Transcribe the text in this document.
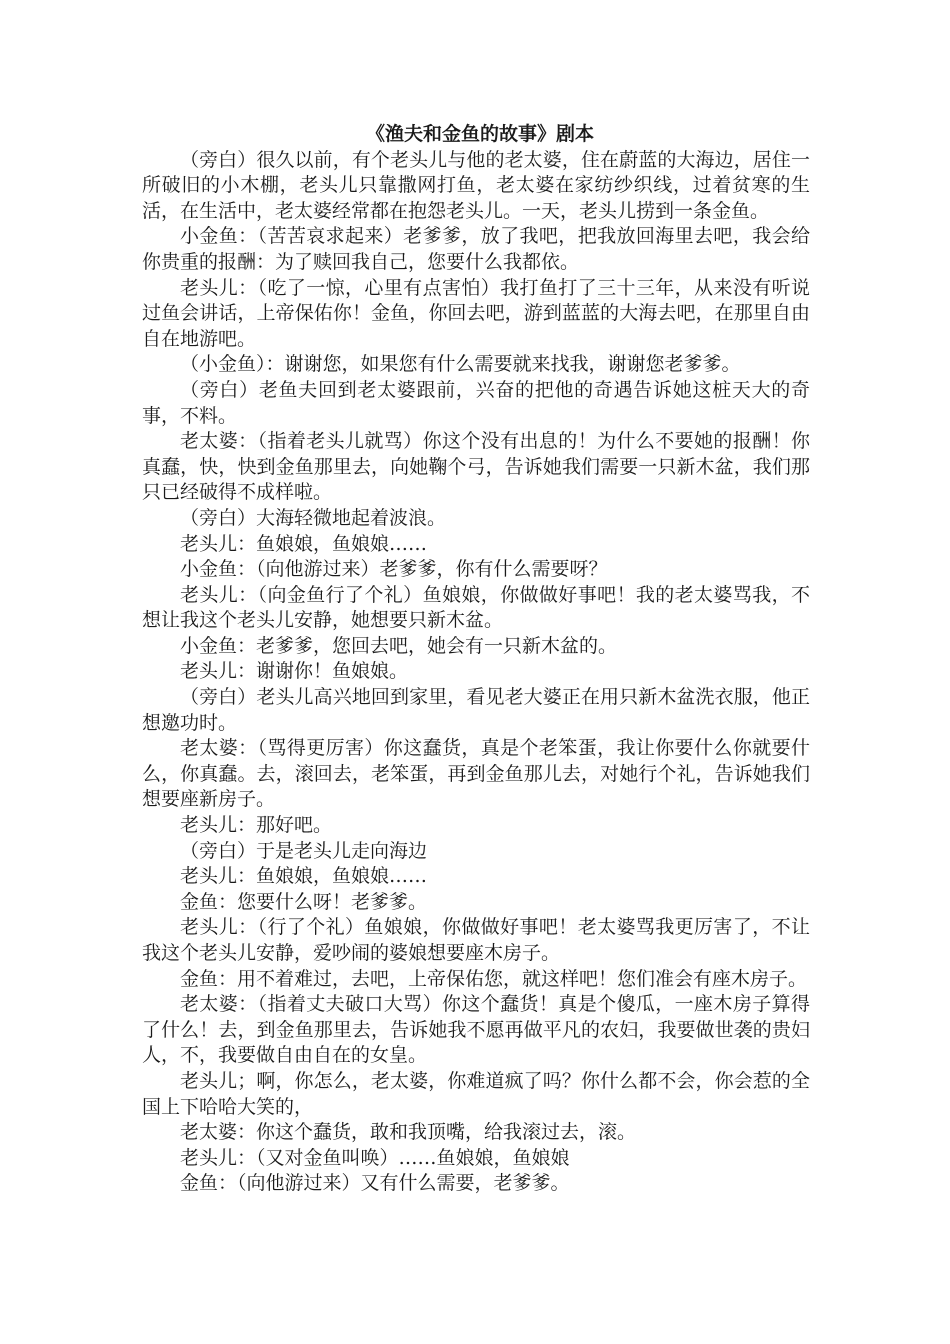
《渔夫和金鱼的故事》剧本

（旁白）很久以前，有个老头儿与他的老太婆，住在蔚蓝的大海边，居住一所破旧的小木棚，老头儿只靠撒网打鱼，老太婆在家纺纱织线，过着贫寒的生活，在生活中，老太婆经常都在抱怨老头儿。一天，老头儿捞到一条金鱼。

小金鱼：（苦苦哀求起来）老爹爹，放了我吧，把我放回海里去吧，我会给你贵重的报酬：为了赎回我自己，您要什么我都依。

老头儿：（吃了一惊，心里有点害怕）我打鱼打了三十三年，从来没有听说过鱼会讲话，上帝保佑你！金鱼，你回去吧，游到蓝蓝的大海去吧，在那里自由自在地游吧。

（小金鱼）：谢谢您，如果您有什么需要就来找我，谢谢您老爹爹。

（旁白）老鱼夫回到老太婆跟前，兴奋的把他的奇遇告诉她这桩天大的奇事，不料。

老太婆：（指着老头儿就骂）你这个没有出息的！为什么不要她的报酬！你真蠢，快，快到金鱼那里去，向她鞠个弓，告诉她我们需要一只新木盆，我们那只已经破得不成样啦。

（旁白）大海轻微地起着波浪。

老头儿：鱼娘娘，鱼娘娘……

小金鱼：（向他游过来）老爹爹，你有什么需要呀？

老头儿：（向金鱼行了个礼）鱼娘娘，你做做好事吧！我的老太婆骂我，不想让我这个老头儿安静，她想要只新木盆。

小金鱼：老爹爹，您回去吧，她会有一只新木盆的。

老头儿：谢谢你！鱼娘娘。

（旁白）老头儿高兴地回到家里，看见老大婆正在用只新木盆洗衣服，他正想邀功时。

老太婆：（骂得更厉害）你这蠢货，真是个老笨蛋，我让你要什么你就要什么，你真蠢。去，滚回去，老笨蛋，再到金鱼那儿去，对她行个礼，告诉她我们想要座新房子。

老头儿：那好吧。

（旁白）于是老头儿走向海边

老头儿：鱼娘娘，鱼娘娘……

金鱼：您要什么呀！老爹爹。

老头儿：（行了个礼）鱼娘娘，你做做好事吧！老太婆骂我更厉害了，不让我这个老头儿安静，爱吵闹的婆娘想要座木房子。

金鱼：用不着难过，去吧，上帝保佑您，就这样吧！您们准会有座木房子。

老太婆：（指着丈夫破口大骂）你这个蠢货！真是个傻瓜，一座木房子算得了什么！去，到金鱼那里去，告诉她我不愿再做平凡的农妇，我要做世袭的贵妇人，不，我要做自由自在的女皇。

老头儿；啊，你怎么，老太婆，你难道疯了吗？你什么都不会，你会惹的全国上下哈哈大笑的，

老太婆：你这个蠢货，敢和我顶嘴，给我滚过去，滚。

老头儿：（又对金鱼叫唤）……鱼娘娘，鱼娘娘

金鱼：（向他游过来）又有什么需要，老爹爹。
